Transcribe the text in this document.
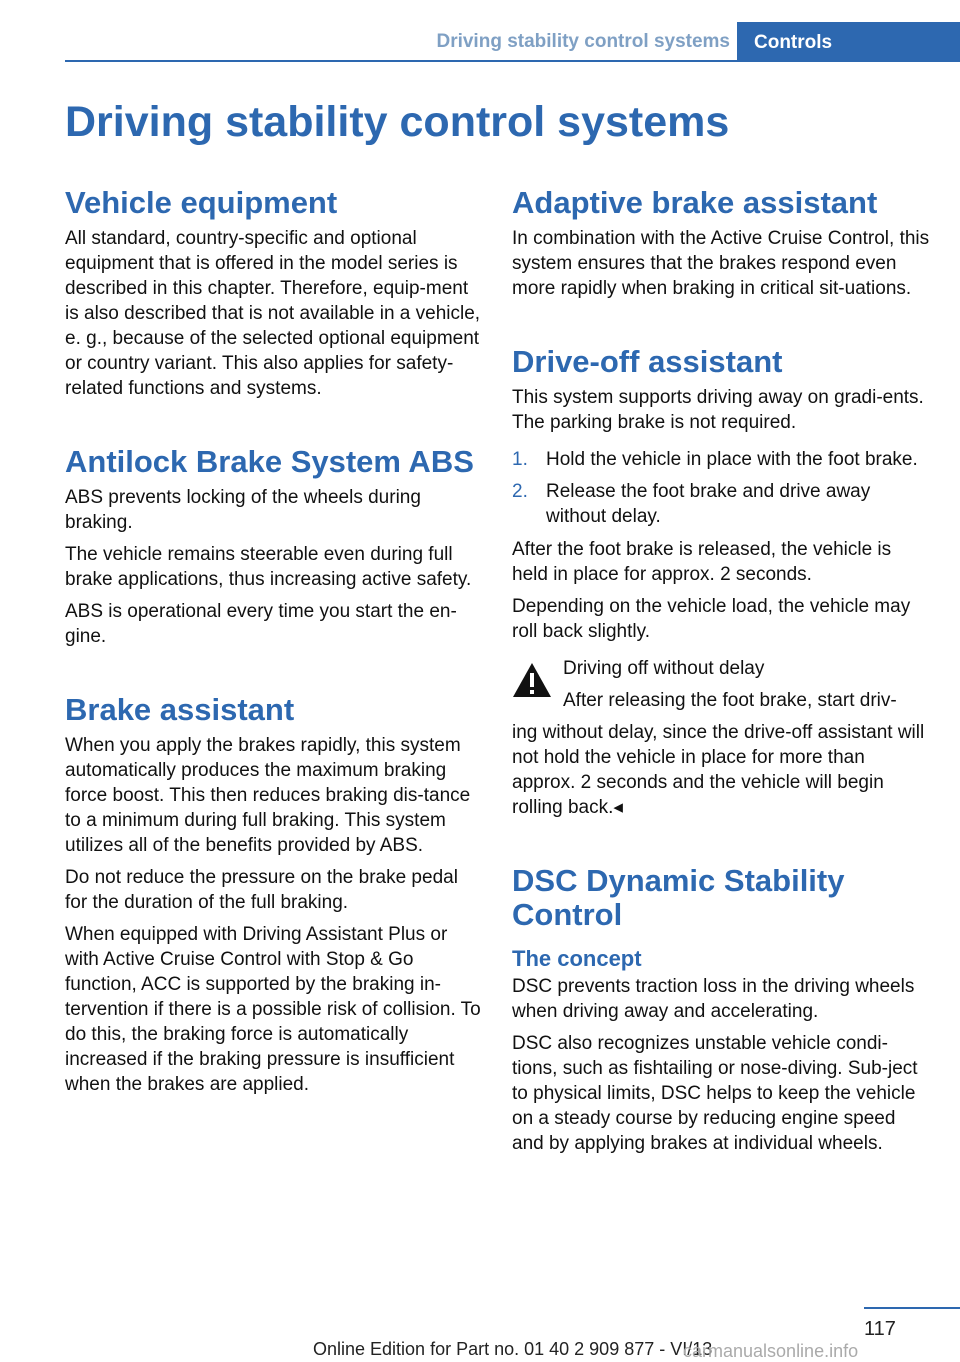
Driving stability control systems	Controls
Driving stability control systems
Vehicle equipment

All standard, country-specific and optional equipment that is offered in the model series is described in this chapter. Therefore, equip-ment is also described that is not available in a vehicle, e. g., because of the selected optional equipment or country variant. This also applies for safety-related functions and systems.

Antilock Brake System ABS

ABS prevents locking of the wheels during braking.

The vehicle remains steerable even during full brake applications, thus increasing active safety.

ABS is operational every time you start the en-gine.

Brake assistant

When you apply the brakes rapidly, this system automatically produces the maximum braking force boost. This then reduces braking dis-tance to a minimum during full braking. This system utilizes all of the benefits provided by ABS.

Do not reduce the pressure on the brake pedal for the duration of the full braking.

When equipped with Driving Assistant Plus or with Active Cruise Control with Stop & Go function, ACC is supported by the braking in-tervention if there is a possible risk of collision. To do this, the braking force is automatically increased if the braking pressure is insufficient when the brakes are applied.

Adaptive brake assistant

In combination with the Active Cruise Control, this system ensures that the brakes respond even more rapidly when braking in critical sit-uations.

Drive-off assistant

This system supports driving away on gradi-ents. The parking brake is not required.

1. Hold the vehicle in place with the foot brake.
2. Release the foot brake and drive away without delay.

After the foot brake is released, the vehicle is held in place for approx. 2 seconds.

Depending on the vehicle load, the vehicle may roll back slightly.

Driving off without delay

After releasing the foot brake, start driv-

ing without delay, since the drive-off assistant will not hold the vehicle in place for more than approx. 2 seconds and the vehicle will begin rolling back.◂

DSC Dynamic Stability Control
The concept

DSC prevents traction loss in the driving wheels when driving away and accelerating.

DSC also recognizes unstable vehicle condi-tions, such as fishtailing or nose-diving. Sub-ject to physical limits, DSC helps to keep the vehicle on a steady course by reducing engine speed and by applying brakes at individual wheels.

117
Online Edition for Part no. 01 40 2 909 877 - VI/13
carmanualsonline.info
